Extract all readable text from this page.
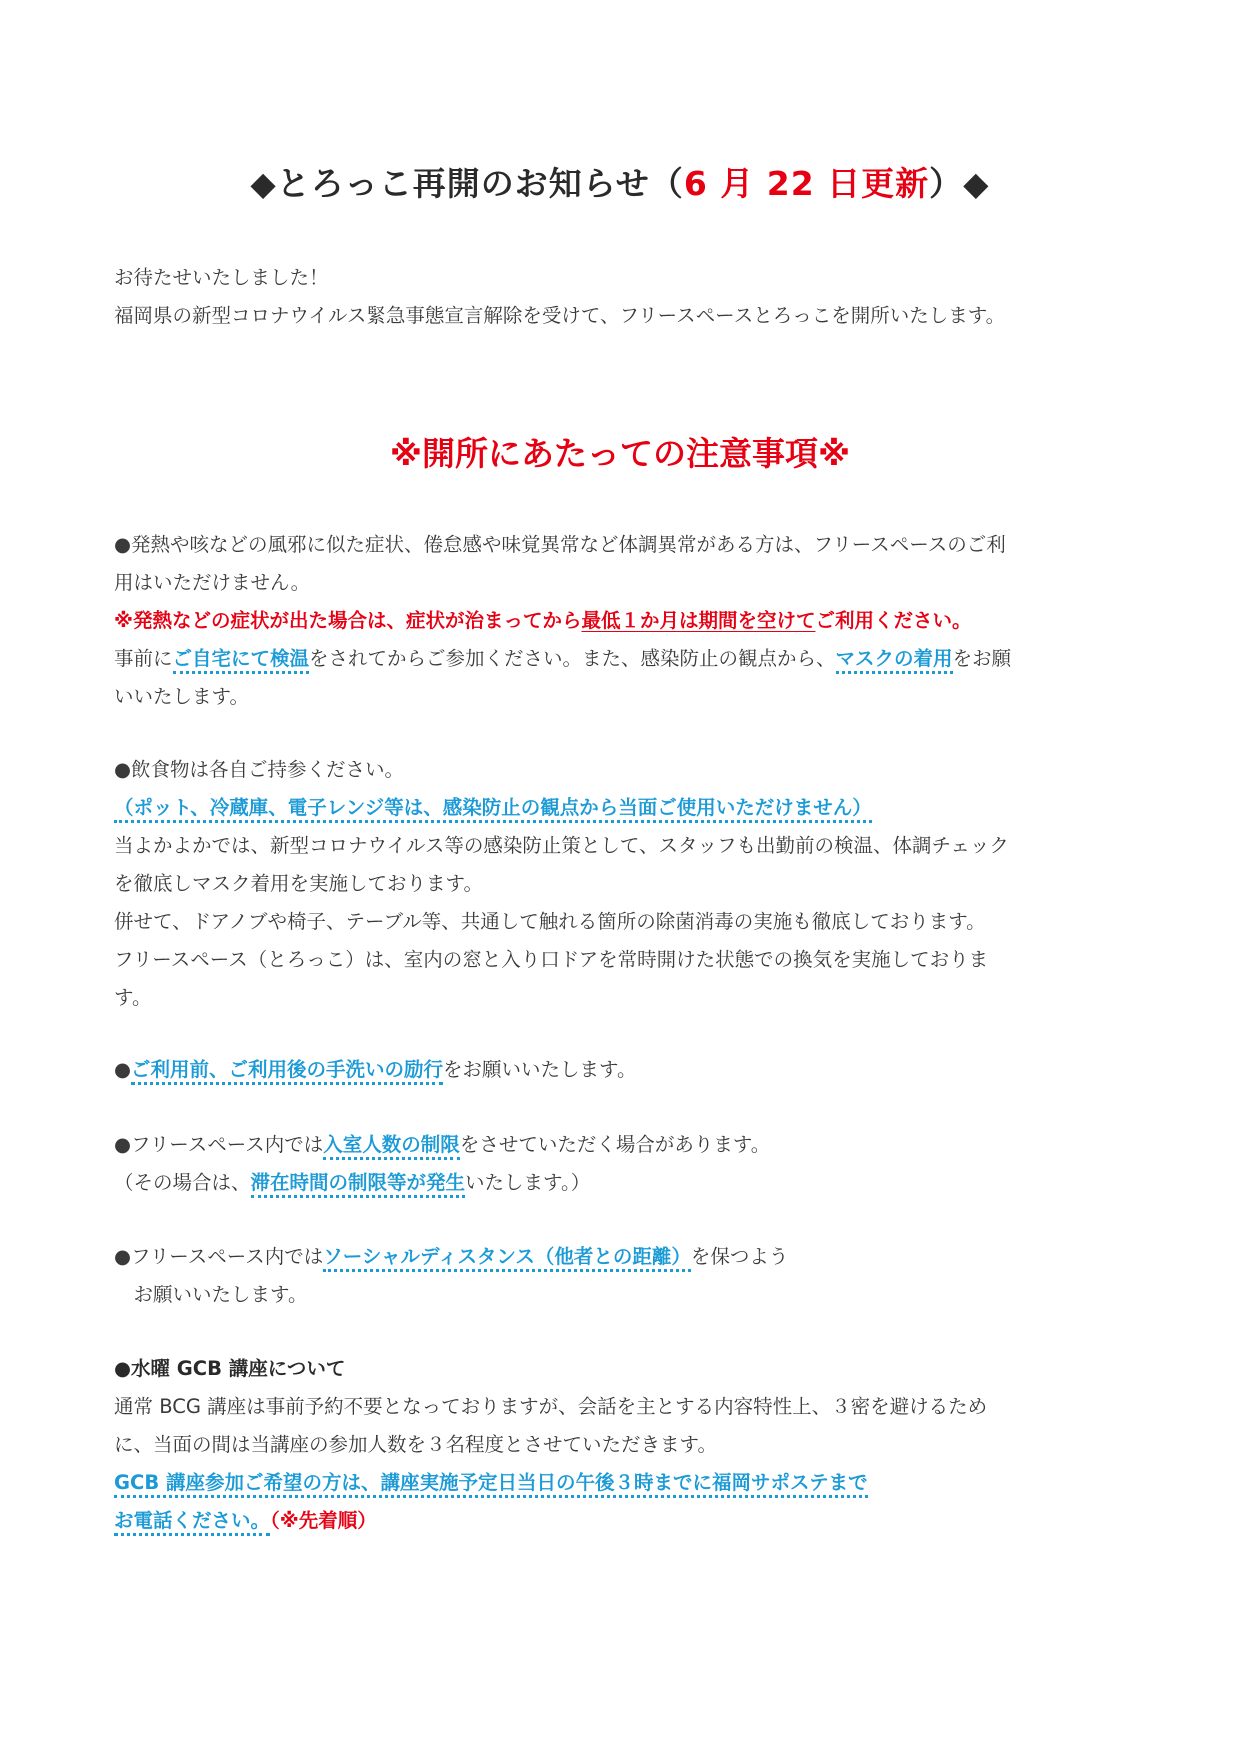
◆とろっこ再開のお知らせ（6 月 22 日更新）◆
お待たせいたしました！
福岡県の新型コロナウイルス緊急事態宣言解除を受けて、フリースペースとろっこを開所いたします。
※開所にあたっての注意事項※
●発熱や咳などの風邪に似た症状、倦怠感や味覚異常など体調異常がある方は、フリースペースのご利
用はいただけません。
※発熱などの症状が出た場合は、症状が治まってから最低１か月は期間を空けてご利用ください。
事前にご自宅にて検温をされてからご参加ください。また、感染防止の観点から、マスクの着用をお願
いいたします。
●飲食物は各自ご持参ください。
（ポット、冷蔵庫、電子レンジ等は、感染防止の観点から当面ご使用いただけません）
当よかよかでは、新型コロナウイルス等の感染防止策として、スタッフも出勤前の検温、体調チェック
を徹底しマスク着用を実施しております。
併せて、ドアノブや椅子、テーブル等、共通して触れる箇所の除菌消毒の実施も徹底しております。
フリースペース（とろっこ）は、室内の窓と入り口ドアを常時開けた状態での換気を実施しておりま
す。
●ご利用前、ご利用後の手洗いの励行をお願いいたします。
●フリースペース内では入室人数の制限をさせていただく場合があります。
（その場合は、滞在時間の制限等が発生いたします。）
●フリースペース内ではソーシャルディスタンス（他者との距離）を保つよう
　お願いいたします。
●水曜 GCB 講座について
通常 BCG 講座は事前予約不要となっておりますが、会話を主とする内容特性上、３密を避けるため
に、当面の間は当講座の参加人数を３名程度とさせていただきます。
GCB 講座参加ご希望の方は、講座実施予定日当日の午後３時までに福岡サポステまで
お電話ください。（※先着順）
